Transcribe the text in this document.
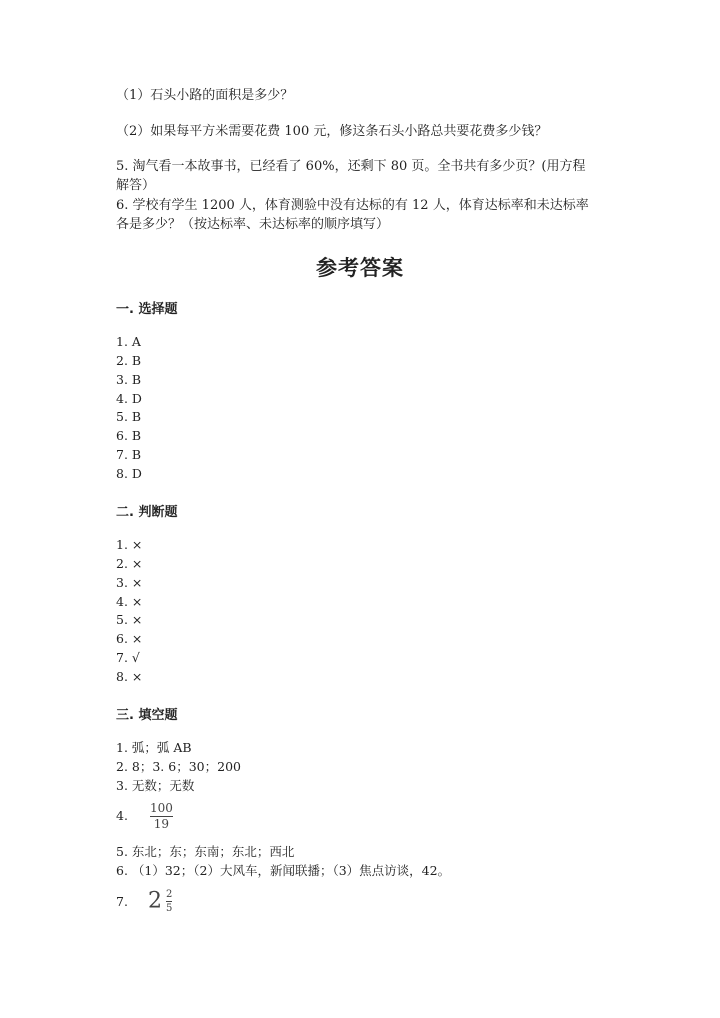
（1）石头小路的面积是多少？
（2）如果每平方米需要花费 100 元，修这条石头小路总共要花费多少钱？
5. 淘气看一本故事书，已经看了 60%，还剩下 80 页。全书共有多少页？(用方程解答）
6. 学校有学生 1200 人，体育测验中没有达标的有 12 人，体育达标率和未达标率各是多少？（按达标率、未达标率的顺序填写）
参考答案
一. 选择题
1. A
2. B
3. B
4. D
5. B
6. B
7. B
8. D
二. 判断题
1. ×
2. ×
3. ×
4. ×
5. ×
6. ×
7. √
8. ×
三. 填空题
1. 弧；弧 AB
2. 8；3. 6；30；200
3. 无数；无数
4. $\frac{100}{19}$
5. 东北；东；东南；东北；西北
6. （1）32；（2）大风车，新闻联播；（3）焦点访谈，42。
7. $2 \frac{2}{5}$
